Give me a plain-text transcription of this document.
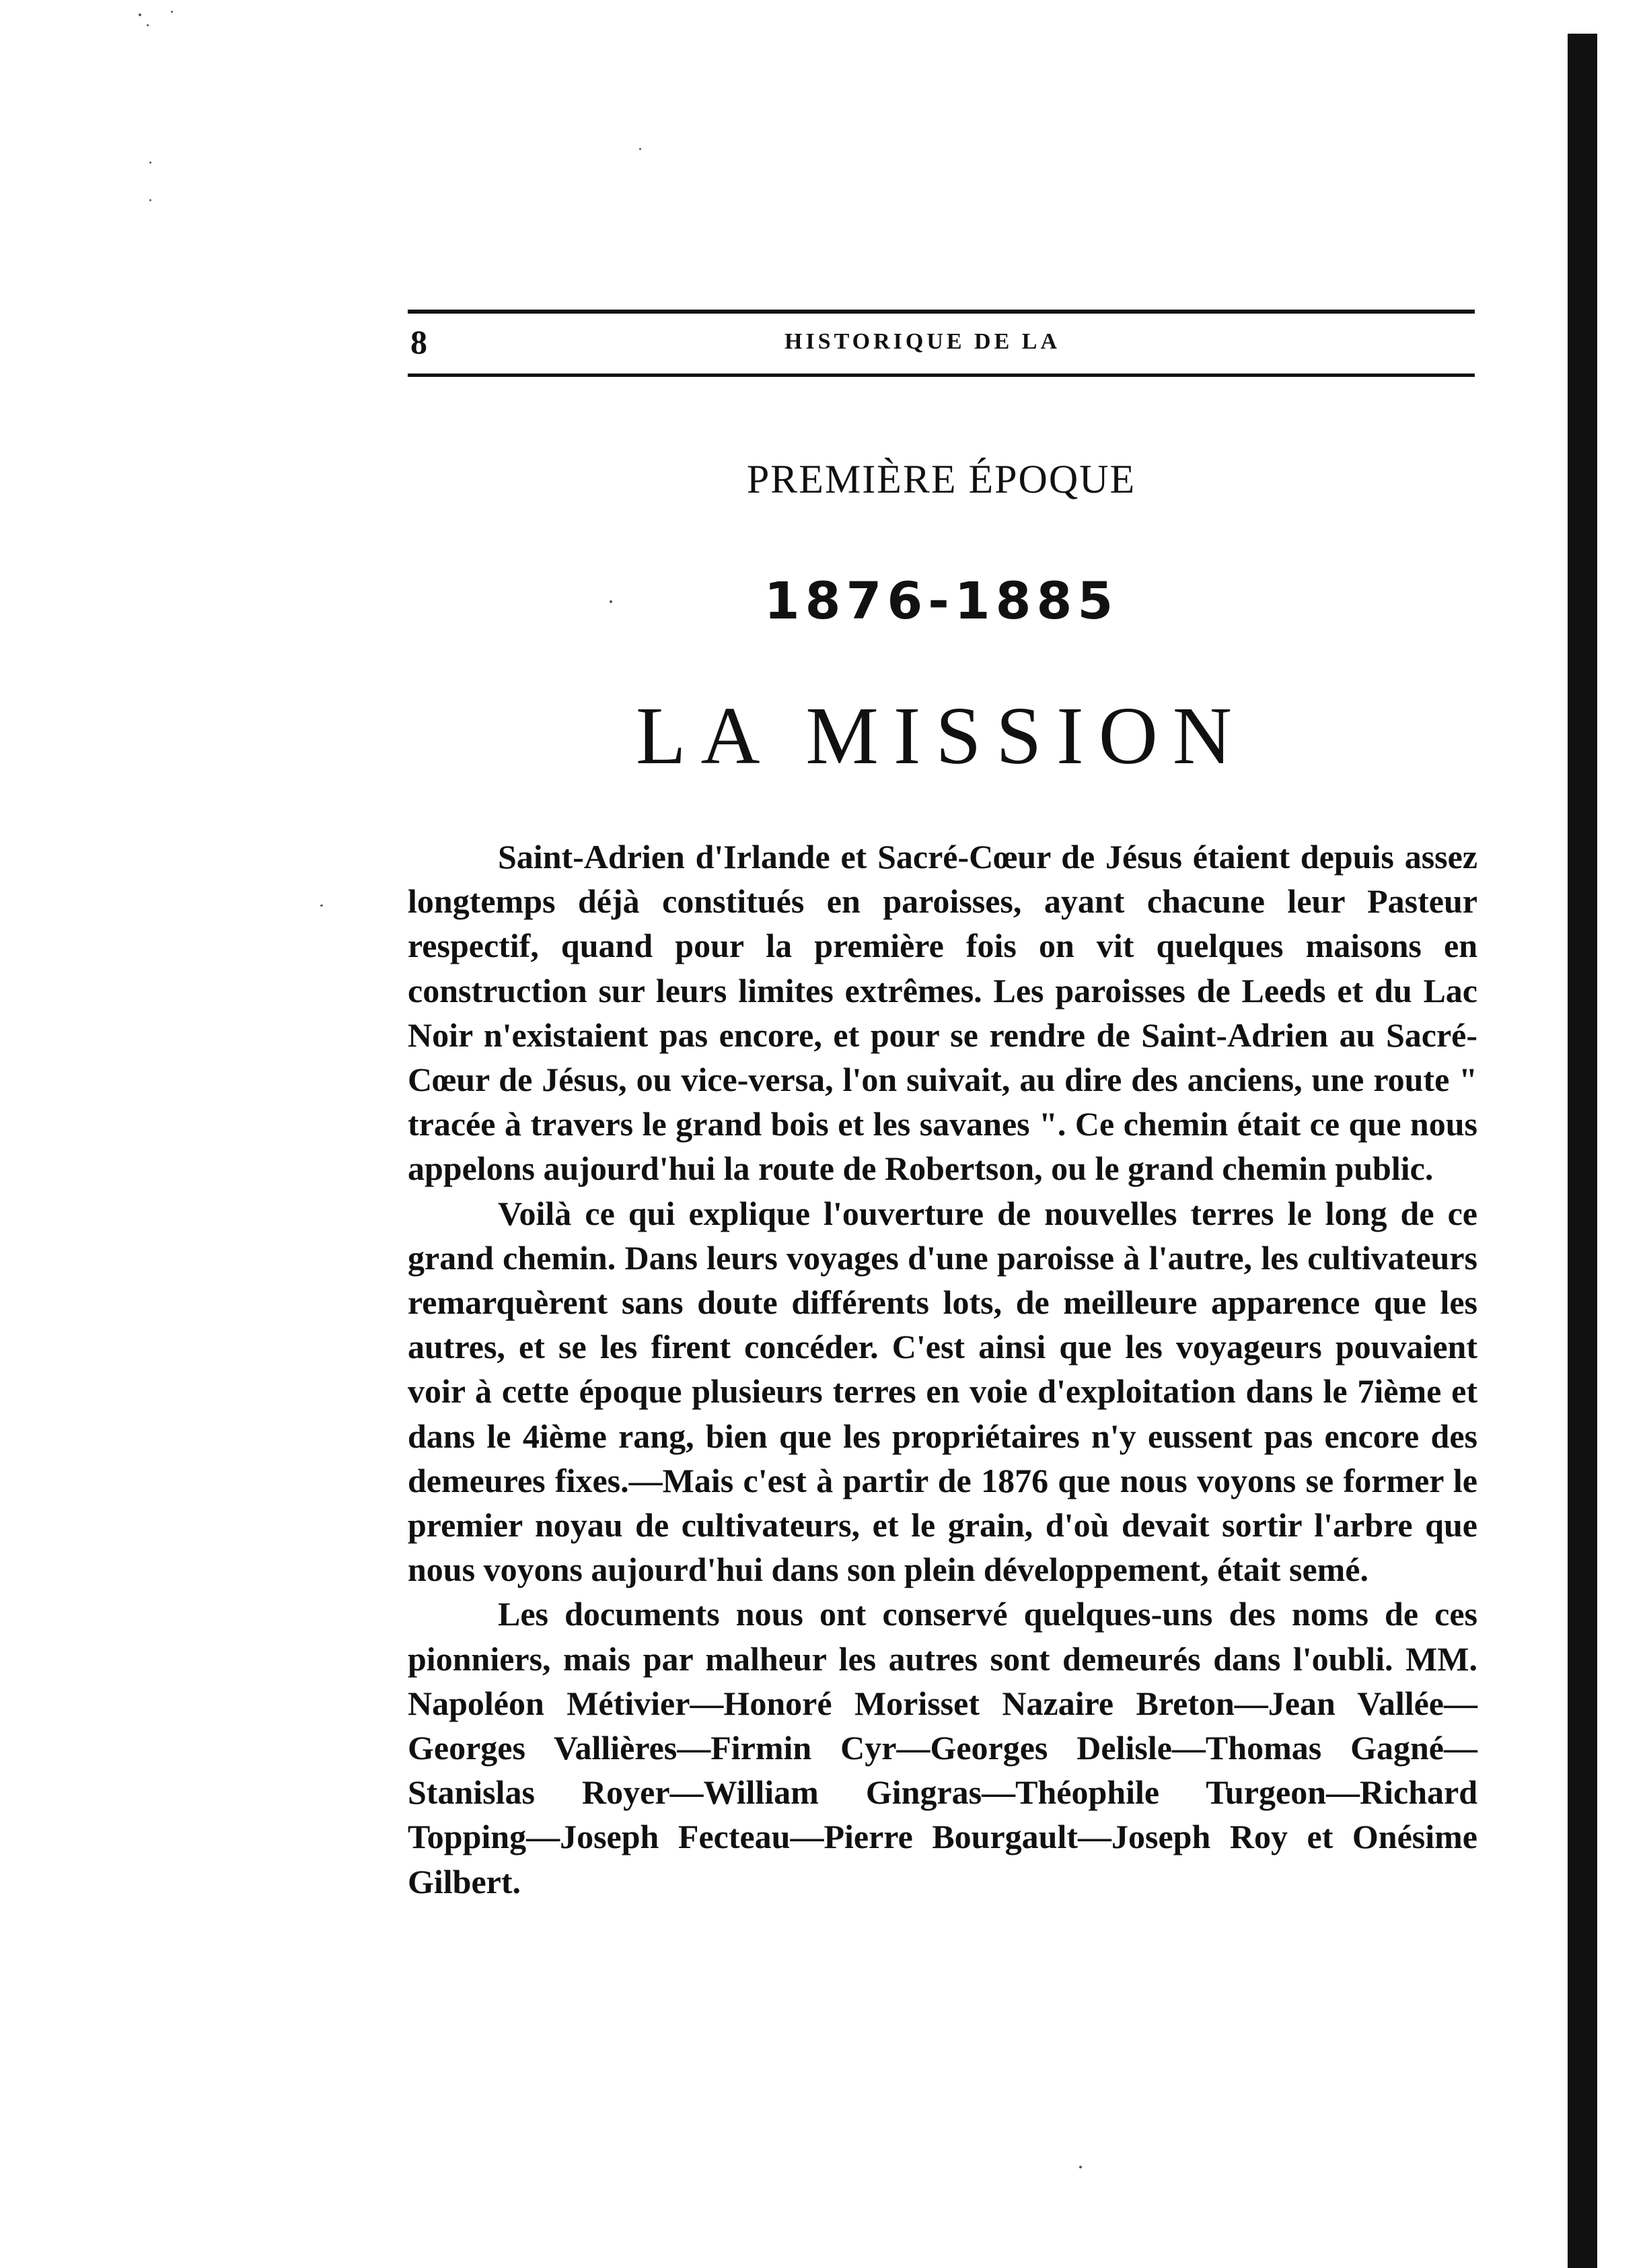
8	HISTORIQUE DE LA
PREMIÈRE ÉPOQUE
1876-1885
LA MISSION

Saint-Adrien d'Irlande et Sacré-Cœur de Jésus étaient depuis assez longtemps déjà constitués en paroisses, ayant chacune leur Pasteur respectif, quand pour la première fois on vit quelques maisons en construction sur leurs limites extrêmes. Les paroisses de Leeds et du Lac Noir n'existaient pas encore, et pour se rendre de Saint-Adrien au Sacré-Cœur de Jésus, ou vice-versa, l'on suivait, au dire des anciens, une route " tracée à travers le grand bois et les savanes ". Ce chemin était ce que nous appelons aujourd'hui la route de Robertson, ou le grand chemin public.

Voilà ce qui explique l'ouverture de nouvelles terres le long de ce grand chemin. Dans leurs voyages d'une paroisse à l'autre, les cultivateurs remarquèrent sans doute différents lots, de meilleure apparence que les autres, et se les firent concéder. C'est ainsi que les voyageurs pouvaient voir à cette époque plusieurs terres en voie d'exploitation dans le 7ième et dans le 4ième rang, bien que les propriétaires n'y eussent pas encore des demeures fixes.—Mais c'est à partir de 1876 que nous voyons se former le premier noyau de cultivateurs, et le grain, d'où devait sortir l'arbre que nous voyons aujourd'hui dans son plein développement, était semé.

Les documents nous ont conservé quelques-uns des noms de ces pionniers, mais par malheur les autres sont demeurés dans l'oubli. MM. Napoléon Métivier—Honoré Morisset Nazaire Breton—Jean Vallée—Georges Vallières—Firmin Cyr—Georges Delisle—Thomas Gagné—Stanislas Royer—William Gingras—Théophile Turgeon—Richard Topping—Joseph Fecteau—Pierre Bourgault—Joseph Roy et Onésime Gilbert.
